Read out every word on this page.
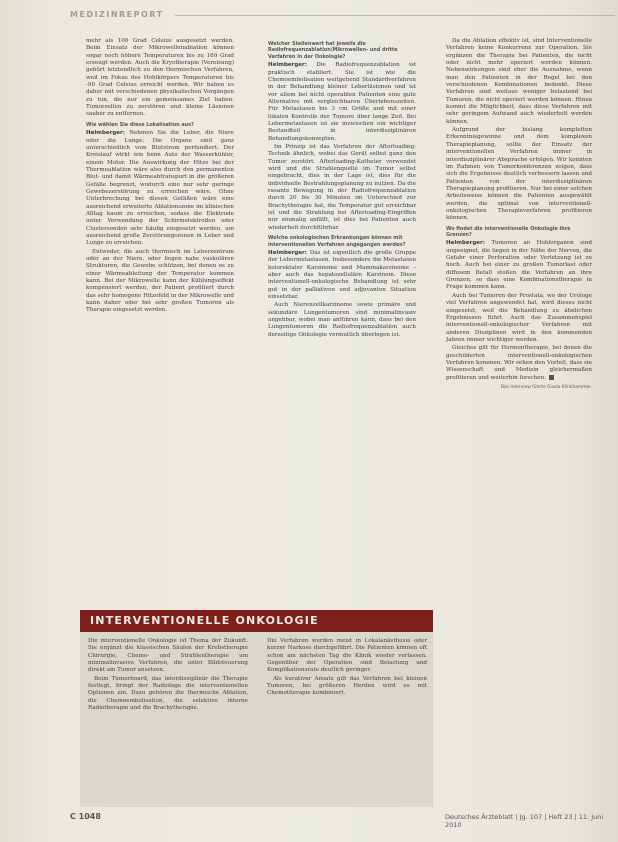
MEDIZINREPORT

mehr als 100 Grad Celsius ausgesetzt werden. Beim Einsatz der Mikrowellenablation können sogar noch höhere Temperaturen bis zu 160 Grad erzeugt werden. Auch die Kryotherapie (Vereisung) gehört letztendlich zu den thermischen Verfahren, weil im Fokus des Hohlkörpers Temperaturen bis -90 Grad Celsius erreicht werden. Wir haben es daher mit verschiedenen physikalischen Vorgängen zu tun, die nur ein gemeinsames Ziel haben: Tumorzellen zu zerstören und kleine Läsionen sauber zu entfernen.

Wie wählen Sie diese Lokalisation aus?

Helmberger: Nehmen Sie die Leber, die Niere oder die Lunge: Die Organe sind ganz unterschiedlich vom Blutstrom perfundiert. Der Kreislauf wirkt wie beim Auto der Wasserkühler, einem Motor. Die Auswirkung der Hitze bei der Thermoablation wäre also durch den permanenten Blut- und damit Wärmeabtransport in die größeren Gefäße begrenzt, wodurch eine nur sehr geringe Gewebezerstörung zu erreichen wäre. Ohne Unterbrechung bei diesen Gefäßen wäre eine ausreichend erweiterte Ablationszone im klinischen Alltag kaum zu erreichen, sodass die Elektrode unter Verwendung der Schirmelektroden oder Clustersonden sehr häufig eingesetzt werden, um ausreichend große Zerstörungszonen in Leber und Lunge zu erreichen.

Entweder, die auch thermisch im Leberzentrum oder an der Niere, oder liegen nahe vaskulären Strukturen, die Gewebe schützen, bei denen es zu einer Wärmeableitung der Temperatur kommen kann. Bei der Mikrowelle kann der Kühlungseffekt kompensiert werden, der Patient profitiert durch das sehr homogene Hitzefeld in der Mikrowelle und kann daher oder bei sehr großen Tumoren als Therapie eingesetzt werden.

Welcher Stellenwert hat jeweils die Radiofrequenzablation/Mikrowellen- und dritte Verfahren in der Onkologie?

Helmberger: Die Radiofrequenzablation ist praktisch etabliert. Sie ist wie die Chemoembolisation weitgehend Standardverfahren in der Behandlung kleiner Leberläsionen und ist vor allem bei nicht operablen Patienten eine gute Alternative mit vergleichbaren Überlebenszeiten. Für Metastasen bis 3 cm Größe und mit einer lokalen Kontrolle der Tumore über lange Zeit. Bei Lebermetastasen ist sie inzwischen ein wichtiger Bestandteil in interdisziplinären Behandlungskonzepten.

Im Prinzip ist das Verfahren der Afterloading-Technik ähnlich, wobei das Gerät selbst ganz den Tumor zerstört. Afterloading-Katheter verwendet wird und die Strahlenquelle im Tumor selbst eingebracht, dies in der Lage ist, dies für die individuelle Bestrahlungsplanung zu nutzen. Da die rasante Bewegung in der Radiofrequenzablation durch 20 bis 30 Minuten im Unterschied zur Brachytherapie hat, die Temperatur gut erreichbar ist und die Strahlung bei Afterloading-Eingriffen nur einmalig anfällt, ist dies bei Patienten auch wiederholt durchführbar.

Welche onkologischen Erkrankungen können mit interventionellen Verfahren angegangen werden?

Helmberger: Das ist eigentlich die große Gruppe der Lebermetastasen. Insbesondere die Metastasen kolorektaler Karzinome und Mammakarzinome – aber auch das hepatozelluläre Karzinom. Diese interventionell-onkologische Behandlung ist sehr gut in der palliativen und adjuvanten Situation einsetzbar.

Auch Nierenzellkarzinome sowie primäre und sekundäre Lungentumoren sind minimalinvasiv angehbar, wobei man anführen kann, dass bei den Lungentumoren die Radiofrequenzablation auch derzeitige Onkologie vermutlich überlegen ist.

Da die Ablation effektiv ist, sind Interventionelle Verfahren keine Konkurrenz zur Operation. Sie ergänzen die Therapie bei Patienten, die nicht oder nicht mehr operiert werden können. Nebenwirkungen sind eher die Ausnahme, wenn man den Patienten in der Regel bei den verschiedenen Kombinationen bedenkt. Diese Verfahren sind weitaus weniger belastend bei Tumoren, die nicht operiert werden können. Hinzu kommt die Möglichkeit, dass diese Verfahren mit sehr geringem Aufwand auch wiederholt werden können.

Aufgrund der bislang kompletten Erkenntnisgewinne und dem komplexen Therapieplanung, sollte der Einsatz der interventionellen Verfahren immer in interdisziplinärer Absprache erfolgen. Wir konnten im Rahmen von Tumorkonferenzen zeigen, dass sich die Ergebnisse deutlich verbessern lassen und Patienten von der interdisziplinären Therapieplanung profitieren. Nur bei einer solchen Arbeitsweise können die Patienten ausgewählt werden, die optimal von interventionell-onkologischen Therapieverfahren profitieren können.

Wo findet die interventionelle Onkologie ihre Grenzen?

Helmberger: Tumoren an Hohlorganen sind ungeeignet, die liegen in der Nähe der Nerven, die Gefahr einer Perforation oder Verletzung ist zu hoch. Auch bei einer zu großen Tumorlast oder diffusem Befall stoßen die Verfahren an ihre Grenzen, so dass eine Kombinationstherapie in Frage kommen kann.

Auch bei Tumoren der Prostata, wo der Urologe viel Verfahren angewendet hat, wird dieses nicht eingesetzt, weil die Behandlung zu ähnlichen Ergebnissen führt. Auch das Zusammenspiel interventionell-onkologischer Verfahren mit anderen Disziplinen wird in den kommenden Jahren immer wichtiger werden.

Gleiches gilt für Hormontherapie, bei denen die geschilderten interventionell-onkologischen Verfahren kommen. Wir sehen den Vorteil, dass sie Wissenschaft und Medizin gleichermaßen profitieren und weiterhin forschen.

Das Interview führte Gisela Klinkhammer.
INTERVENTIONELLE ONKOLOGIE

Die interventionelle Onkologie ist Thema der Zukunft. Sie ergänzt die klassischen Säulen der Krebstherapie Chirurgie, Chemo- und Strahlentherapie um minimalinvasive Verfahren, die unter Bildsteuerung direkt am Tumor ansetzen.

Beim Tumorboard, das interdisziplinär die Therapie festlegt, bringt der Radiologe die interventionellen Optionen ein. Dazu gehören die thermische Ablation, die Chemoembolisation, die selektive interne Radiotherapie und die Brachytherapie.

Die Verfahren werden meist in Lokalanästhesie oder kurzer Narkose durchgeführt. Die Patienten können oft schon am nächsten Tag die Klinik wieder verlassen. Gegenüber der Operation sind Belastung und Komplikationsrate deutlich geringer.

Als kurativer Ansatz gilt das Verfahren bei kleinen Tumoren, bei größeren Herden wird es mit Chemotherapie kombiniert.

C 1048	Deutsches Ärzteblatt | Jg. 107 | Heft 23 | 11. Juni 2010
